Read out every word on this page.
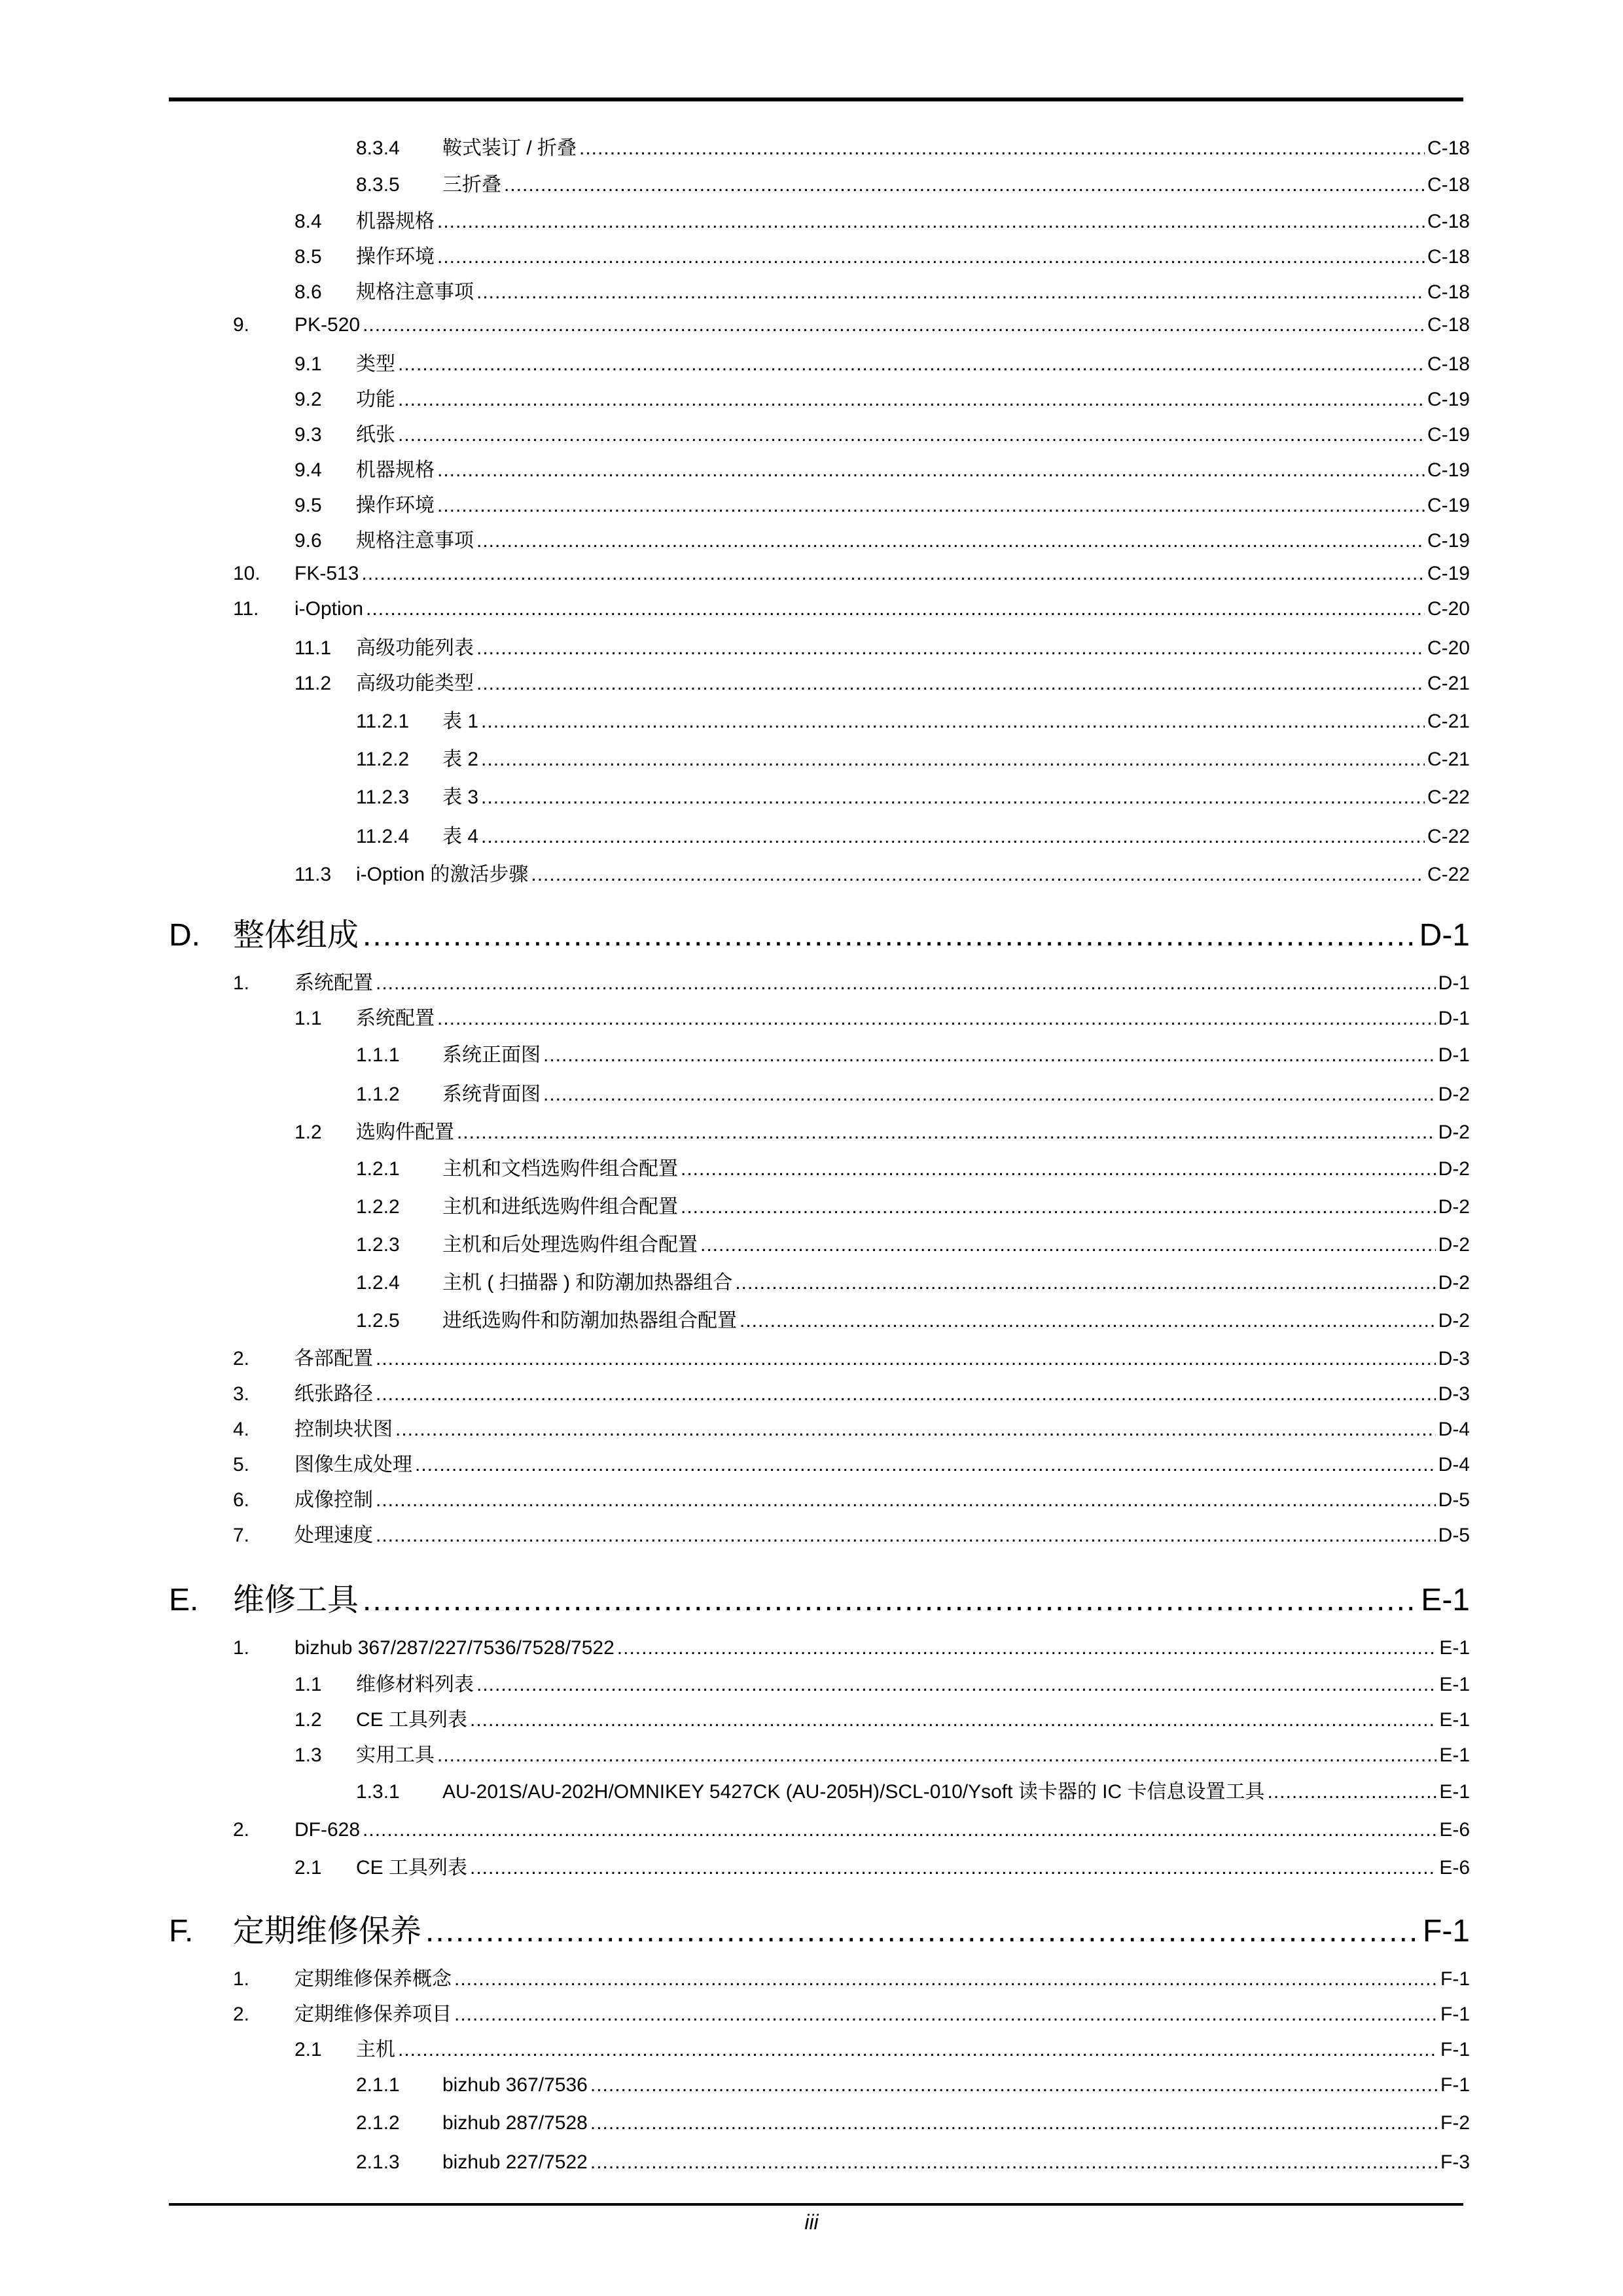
8.3.4	鞍式装订 / 折叠 .....	C-18
8.3.5	三折叠 .....	C-18
8.4	机器规格 .....	C-18
8.5	操作环境 .....	C-18
8.6	规格注意事项 .....	C-18
9.	PK-520 .....	C-18
9.1	类型 .....	C-18
9.2	功能 .....	C-19
9.3	纸张 .....	C-19
9.4	机器规格 .....	C-19
9.5	操作环境 .....	C-19
9.6	规格注意事项 .....	C-19
10.	FK-513 .....	C-19
11.	i-Option .....	C-20
11.1	高级功能列表 .....	C-20
11.2	高级功能类型 .....	C-21
11.2.1	表 1 .....	C-21
11.2.2	表 2 .....	C-21
11.2.3	表 3 .....	C-22
11.2.4	表 4 .....	C-22
11.3	i-Option 的激活步骤 .....	C-22
D.	整体组成 .....	D-1
1.	系统配置 .....	D-1
1.1	系统配置 .....	D-1
1.1.1	系统正面图 .....	D-1
1.1.2	系统背面图 .....	D-2
1.2	选购件配置 .....	D-2
1.2.1	主机和文档选购件组合配置 .....	D-2
1.2.2	主机和进纸选购件组合配置 .....	D-2
1.2.3	主机和后处理选购件组合配置 .....	D-2
1.2.4	主机 ( 扫描器 ) 和防潮加热器组合 .....	D-2
1.2.5	进纸选购件和防潮加热器组合配置 .....	D-2
2.	各部配置 .....	D-3
3.	纸张路径 .....	D-3
4.	控制块状图 .....	D-4
5.	图像生成处理 .....	D-4
6.	成像控制 .....	D-5
7.	处理速度 .....	D-5
E.	维修工具 .....	E-1
1.	bizhub 367/287/227/7536/7528/7522 .....	E-1
1.1	维修材料列表 .....	E-1
1.2	CE 工具列表 .....	E-1
1.3	实用工具 .....	E-1
1.3.1	AU-201S/AU-202H/OMNIKEY 5427CK (AU-205H)/SCL-010/Ysoft 读卡器的 IC 卡信息设置工具 .....	E-1
2.	DF-628 .....	E-6
2.1	CE 工具列表 .....	E-6
F.	定期维修保养 .....	F-1
1.	定期维修保养概念 .....	F-1
2.	定期维修保养项目 .....	F-1
2.1	主机 .....	F-1
2.1.1	bizhub 367/7536 .....	F-1
2.1.2	bizhub 287/7528 .....	F-2
2.1.3	bizhub 227/7522 .....	F-3
iii
